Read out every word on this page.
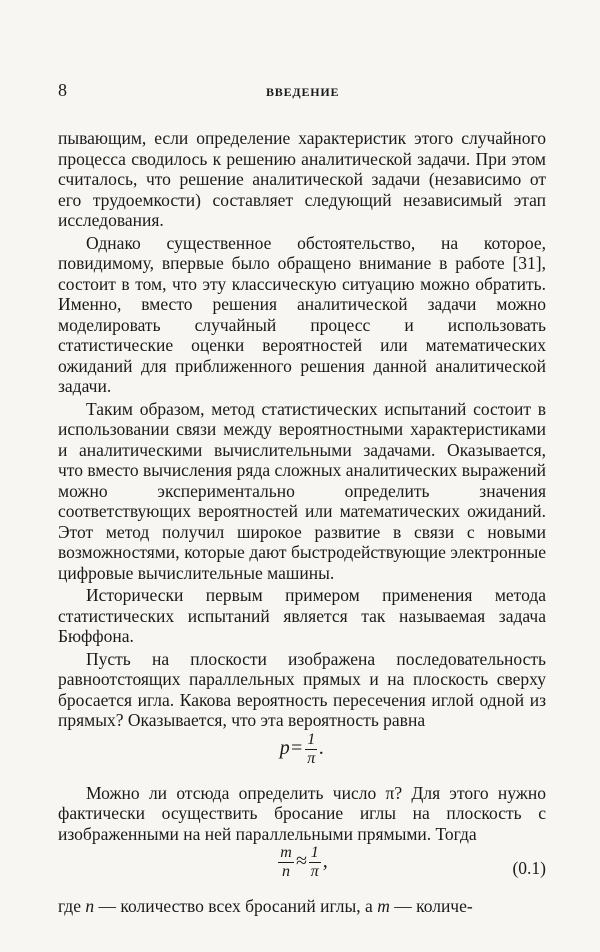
8	ВВЕДЕНИЕ

пывающим, если определение характеристик этого случайного процесса сводилось к решению аналитической задачи. При этом считалось, что решение аналитической задачи (независимо от его трудоемкости) составляет следующий независимый этап исследования.

Однако существенное обстоятельство, на которое, повидимому, впервые было обращено внимание в работе [31], состоит в том, что эту классическую ситуацию можно обратить. Именно, вместо решения аналитической задачи можно моделировать случайный процесс и использовать статистические оценки вероятностей или математических ожиданий для приближенного решения данной аналитической задачи.

Таким образом, метод статистических испытаний состоит в использовании связи между вероятностными характеристиками и аналитическими вычислительными задачами. Оказывается, что вместо вычисления ряда сложных аналитических выражений можно экспериментально определить значения соответствующих вероятностей или математических ожиданий. Этот метод получил широкое развитие в связи с новыми возможностями, которые дают быстродействующие электронные цифровые вычислительные машины.

Исторически первым примером применения метода статистических испытаний является так называемая задача Бюффона.

Пусть на плоскости изображена последовательность равноотстоящих параллельных прямых и на плоскость сверху бросается игла. Какова вероятность пересечения иглой одной из прямых? Оказывается, что эта вероятность равна

$p= \frac{1}{\pi}$ .

Можно ли отсюда определить число π? Для этого нужно фактически осуществить бросание иглы на плоскость с изображенными на ней параллельными прямыми. Тогда

$\frac{m}{n} \approx \frac{1}{\pi}$ ,	(0.1)

где n — количество всех бросаний иглы, а m — количе-
